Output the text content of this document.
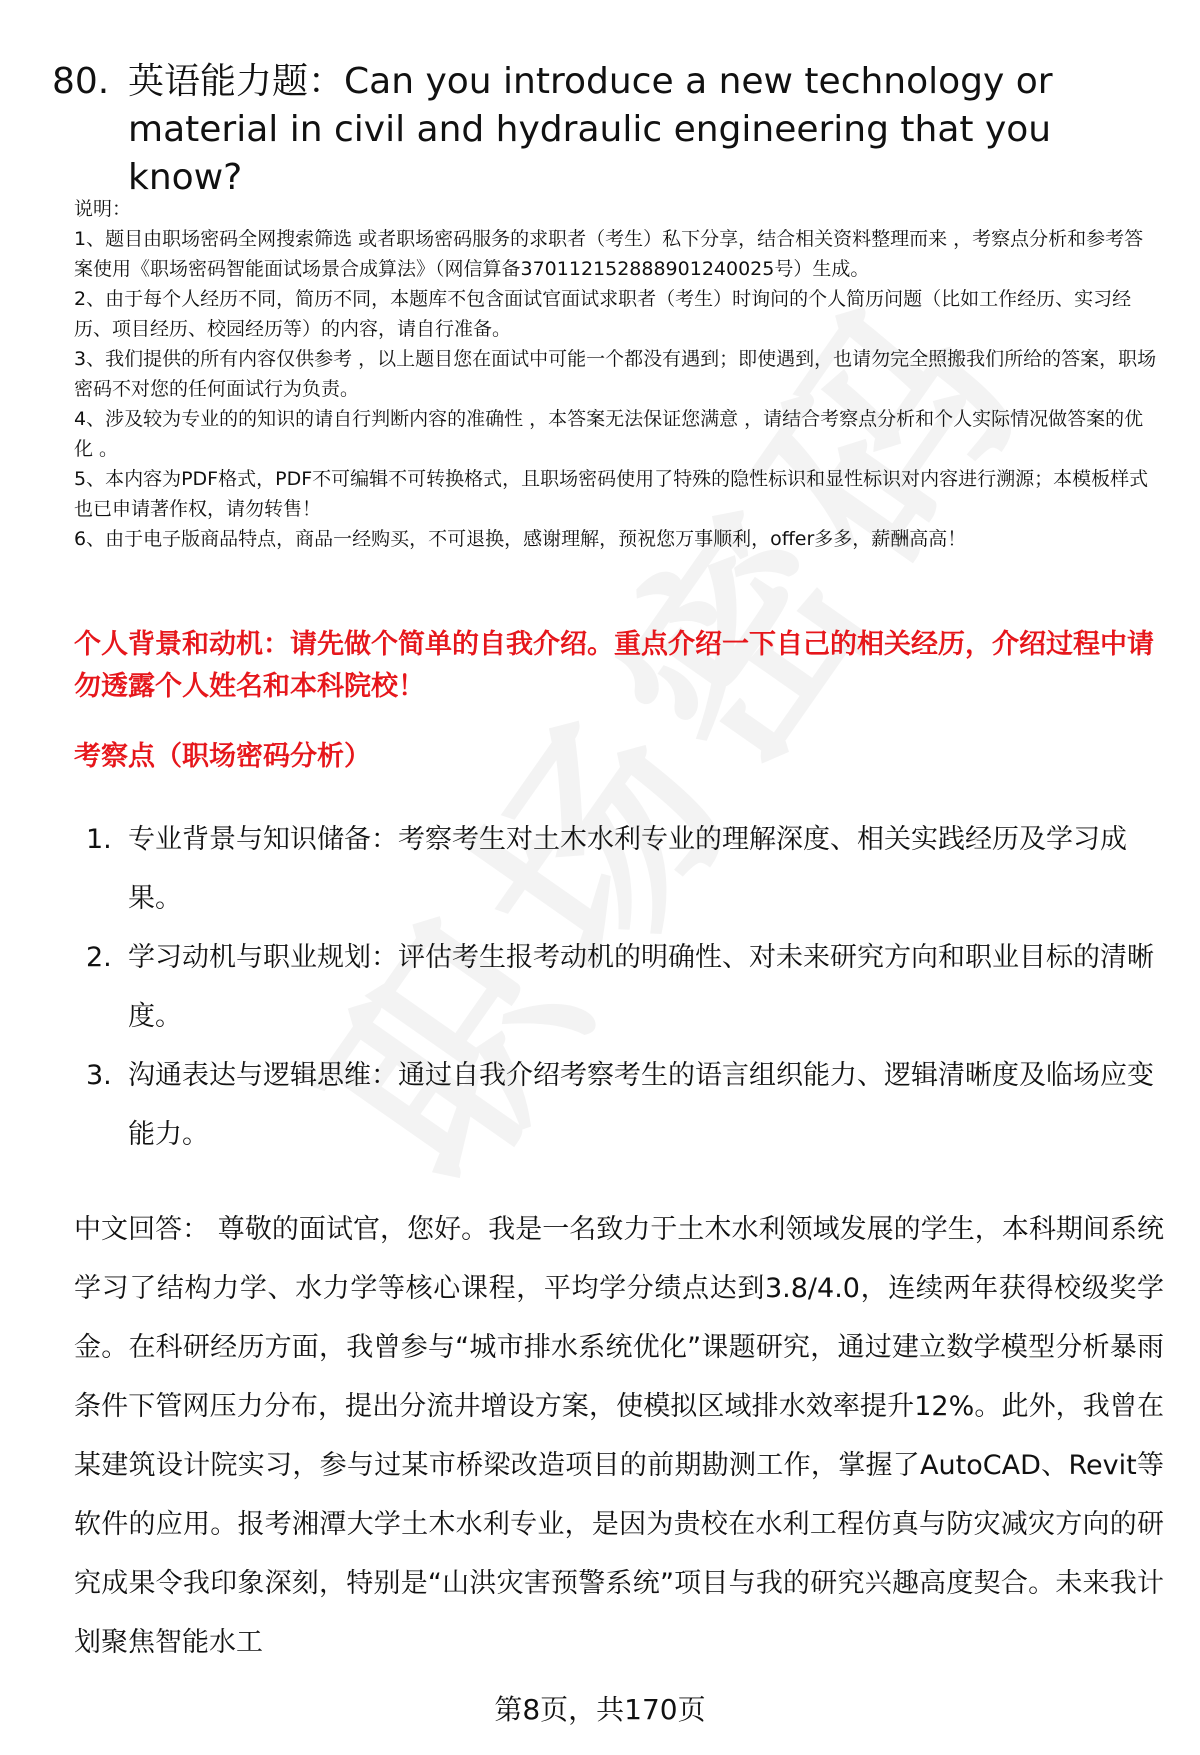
80. 英语能力题：Can you introduce a new technology or material in civil and hydraulic engineering that you know?

说明：

1、题目由职场密码全网搜索筛选 或者职场密码服务的求职者（考生）私下分享，结合相关资料整理而来 ，考察点分析和参考答案使用《职场密码智能面试场景合成算法》（网信算备370112152888901240025号）生成。

2、由于每个人经历不同，简历不同，本题库不包含面试官面试求职者（考生）时询问的个人简历问题（比如工作经历、实习经历、项目经历、校园经历等）的内容，请自行准备。

3、我们提供的所有内容仅供参考 ，以上题目您在面试中可能一个都没有遇到；即使遇到，也请勿完全照搬我们所给的答案，职场密码不对您的任何面试行为负责。

4、涉及较为专业的的知识的请自行判断内容的准确性 ，本答案无法保证您满意 ，请结合考察点分析和个人实际情况做答案的优化 。

5、本内容为PDF格式，PDF不可编辑不可转换格式，且职场密码使用了特殊的隐性标识和显性标识对内容进行溯源；本模板样式也已申请著作权，请勿转售！

6、由于电子版商品特点，商品一经购买，不可退换，感谢理解，预祝您万事顺利，offer多多，薪酬高高！

个人背景和动机：请先做个简单的自我介绍。重点介绍一下自己的相关经历，介绍过程中请勿透露个人姓名和本科院校！
考察点（职场密码分析）
1. 专业背景与知识储备：考察考生对土木水利专业的理解深度、相关实践经历及学习成果。
2. 学习动机与职业规划：评估考生报考动机的明确性、对未来研究方向和职业目标的清晰度。
3. 沟通表达与逻辑思维：通过自我介绍考察考生的语言组织能力、逻辑清晰度及临场应变能力。
中文回答： 尊敬的面试官，您好。我是一名致力于土木水利领域发展的学生，本科期间系统学习了结构力学、水力学等核心课程，平均学分绩点达到3.8/4.0，连续两年获得校级奖学金。在科研经历方面，我曾参与“城市排水系统优化”课题研究，通过建立数学模型分析暴雨条件下管网压力分布，提出分流井增设方案，使模拟区域排水效率提升12%。此外，我曾在某建筑设计院实习，参与过某市桥梁改造项目的前期勘测工作，掌握了AutoCAD、Revit等软件的应用。报考湘潭大学土木水利专业，是因为贵校在水利工程仿真与防灾减灾方向的研究成果令我印象深刻，特别是“山洪灾害预警系统”项目与我的研究兴趣高度契合。未来我计划聚焦智能水工
第8页，共170页
